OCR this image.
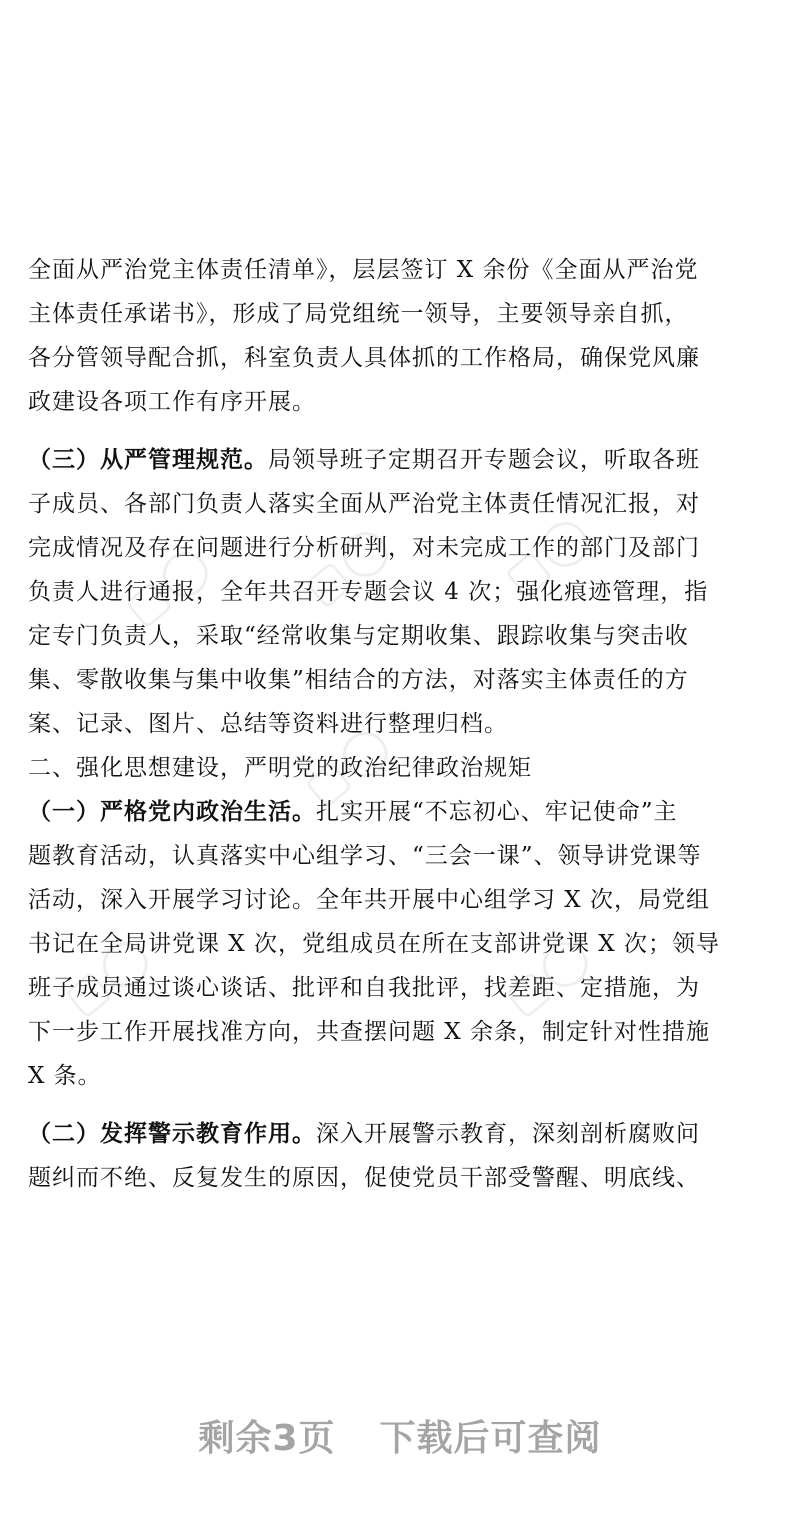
▢◯ ▢◯ ▢◯
▢◯
▢◯	▢◯
全面从严治党主体责任清单》，层层签订 X 余份《全面从严治党
主体责任承诺书》，形成了局党组统一领导，主要领导亲自抓，
各分管领导配合抓，科室负责人具体抓的工作格局，确保党风廉
政建设各项工作有序开展。
（三）从严管理规范。局领导班子定期召开专题会议，听取各班
子成员、各部门负责人落实全面从严治党主体责任情况汇报，对
完成情况及存在问题进行分析研判，对未完成工作的部门及部门
负责人进行通报，全年共召开专题会议 4 次；强化痕迹管理，指
定专门负责人，采取“经常收集与定期收集、跟踪收集与突击收
集、零散收集与集中收集”相结合的方法，对落实主体责任的方
案、记录、图片、总结等资料进行整理归档。
二、强化思想建设，严明党的政治纪律政治规矩
（一）严格党内政治生活。扎实开展“不忘初心、牢记使命”主
题教育活动，认真落实中心组学习、“三会一课”、领导讲党课等
活动，深入开展学习讨论。全年共开展中心组学习 X 次，局党组
书记在全局讲党课 X 次，党组成员在所在支部讲党课 X 次；领导
班子成员通过谈心谈话、批评和自我批评，找差距、定措施，为
下一步工作开展找准方向，共查摆问题 X 余条，制定针对性措施
X 条。
（二）发挥警示教育作用。深入开展警示教育，深刻剖析腐败问
题纠而不绝、反复发生的原因，促使党员干部受警醒、明底线、
剩余3页 下载后可查阅
